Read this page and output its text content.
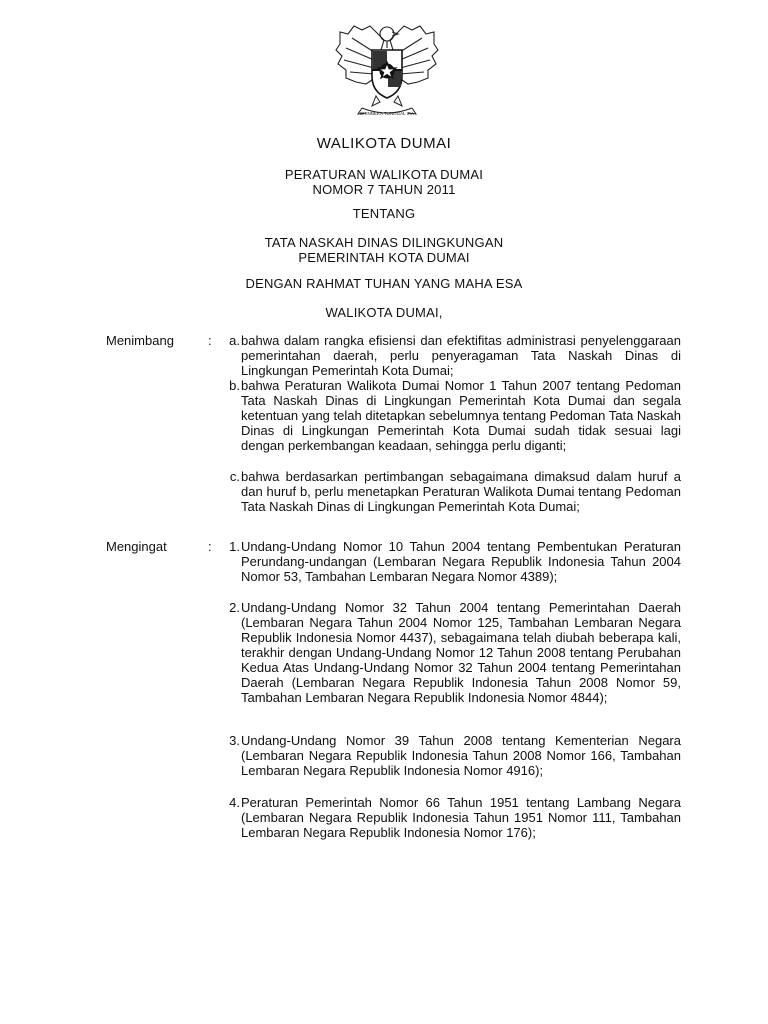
BHINNEKA TUNGGAL IKA
WALIKOTA DUMAI
PERATURAN WALIKOTA DUMAI
NOMOR 7 TAHUN 2011
TENTANG
TATA NASKAH DINAS DILINGKUNGAN
PEMERINTAH KOTA DUMAI
DENGAN RAHMAT TUHAN YANG MAHA ESA
WALIKOTA DUMAI,
Menimbang	:	a. bahwa dalam rangka efisiensi dan efektifitas administrasi penyelenggaraan pemerintahan daerah, perlu penyeragaman Tata Naskah Dinas di Lingkungan Pemerintah Kota Dumai;
b. bahwa Peraturan Walikota Dumai Nomor 1 Tahun 2007 tentang Pedoman Tata Naskah Dinas di Lingkungan Pemerintah Kota Dumai dan segala ketentuan yang telah ditetapkan sebelumnya tentang Pedoman Tata Naskah Dinas di Lingkungan Pemerintah Kota Dumai sudah tidak sesuai lagi dengan perkembangan keadaan, sehingga perlu diganti;
c. bahwa berdasarkan pertimbangan sebagaimana dimaksud dalam huruf a dan huruf b, perlu menetapkan Peraturan Walikota Dumai tentang Pedoman Tata Naskah Dinas di Lingkungan Pemerintah Kota Dumai;
Mengingat	:	1. Undang-Undang Nomor 10 Tahun 2004 tentang Pembentukan Peraturan Perundang-undangan (Lembaran Negara Republik Indonesia Tahun 2004 Nomor 53, Tambahan Lembaran Negara Nomor 4389);
2. Undang-Undang Nomor 32 Tahun 2004 tentang Pemerintahan Daerah (Lembaran Negara Tahun 2004 Nomor 125, Tambahan Lembaran Negara Republik Indonesia Nomor 4437), sebagaimana telah diubah beberapa kali, terakhir dengan Undang-Undang Nomor 12 Tahun 2008 tentang Perubahan Kedua Atas Undang-Undang Nomor 32 Tahun 2004 tentang Pemerintahan Daerah (Lembaran Negara Republik Indonesia Tahun 2008 Nomor 59, Tambahan Lembaran Negara Republik Indonesia Nomor 4844);
3. Undang-Undang Nomor 39 Tahun 2008 tentang Kementerian Negara (Lembaran Negara Republik Indonesia Tahun 2008 Nomor 166, Tambahan Lembaran Negara Republik Indonesia Nomor 4916);
4. Peraturan Pemerintah Nomor 66 Tahun 1951 tentang Lambang Negara (Lembaran Negara Republik Indonesia Tahun 1951 Nomor 111, Tambahan Lembaran Negara Republik Indonesia Nomor 176);
